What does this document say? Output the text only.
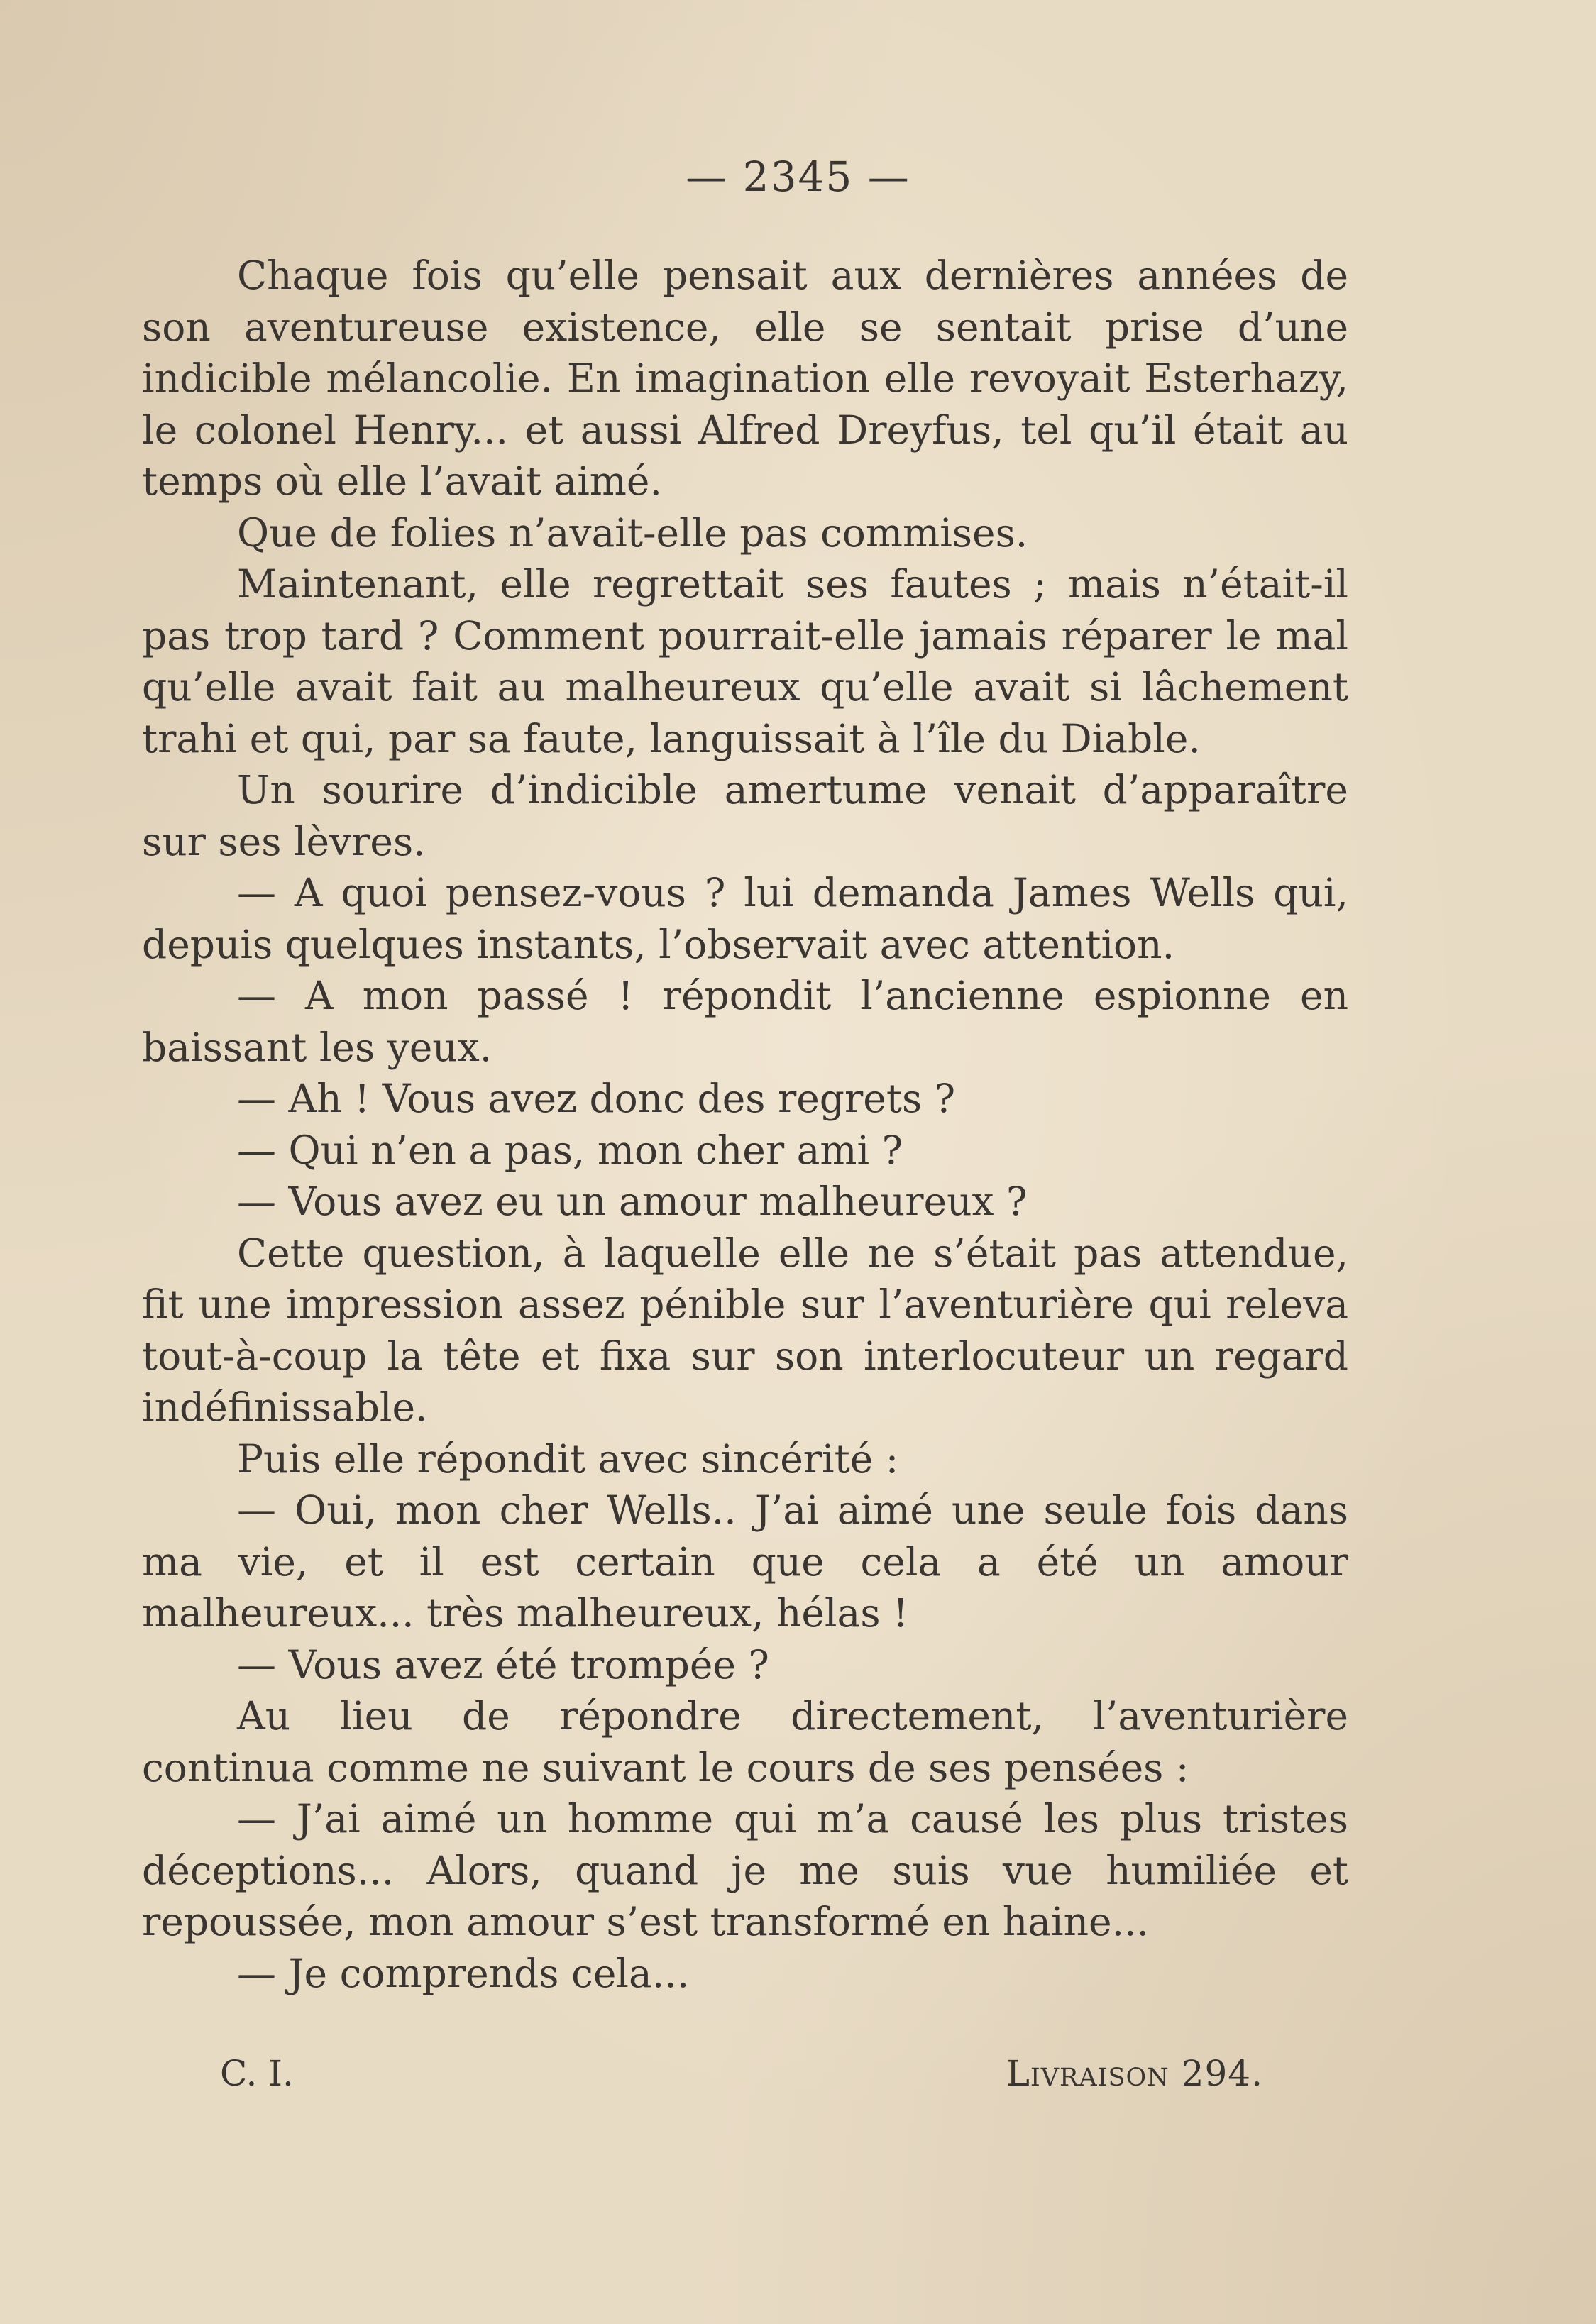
— 2345 —

Chaque fois qu’elle pensait aux dernières années de son aventureuse existence, elle se sentait prise d’une indicible mélancolie. En imagination elle revoyait Esterhazy, le colonel Henry... et aussi Alfred Dreyfus, tel qu’il était au temps où elle l’avait aimé.

Que de folies n’avait-elle pas commises.

Maintenant, elle regrettait ses fautes ; mais n’était-il pas trop tard ? Comment pourrait-elle jamais réparer le mal qu’elle avait fait au malheureux qu’elle avait si lâchement trahi et qui, par sa faute, languissait à l’île du Diable.

Un sourire d’indicible amertume venait d’apparaître sur ses lèvres.

— A quoi pensez-vous ? lui demanda James Wells qui, depuis quelques instants, l’observait avec attention.

— A mon passé ! répondit l’ancienne espionne en baissant les yeux.

— Ah ! Vous avez donc des regrets ?

— Qui n’en a pas, mon cher ami ?

— Vous avez eu un amour malheureux ?

Cette question, à laquelle elle ne s’était pas attendue, fit une impression assez pénible sur l’aventurière qui releva tout-à-coup la tête et fixa sur son interlocuteur un regard indéfinissable.

Puis elle répondit avec sincérité :

— Oui, mon cher Wells.. J’ai aimé une seule fois dans ma vie, et il est certain que cela a été un amour malheureux... très malheureux, hélas !

— Vous avez été trompée ?

Au lieu de répondre directement, l’aventurière continua comme ne suivant le cours de ses pensées :

— J’ai aimé un homme qui m’a causé les plus tristes déceptions... Alors, quand je me suis vue humiliée et repoussée, mon amour s’est transformé en haine...

— Je comprends cela...

C. I.	Livraison 294.
